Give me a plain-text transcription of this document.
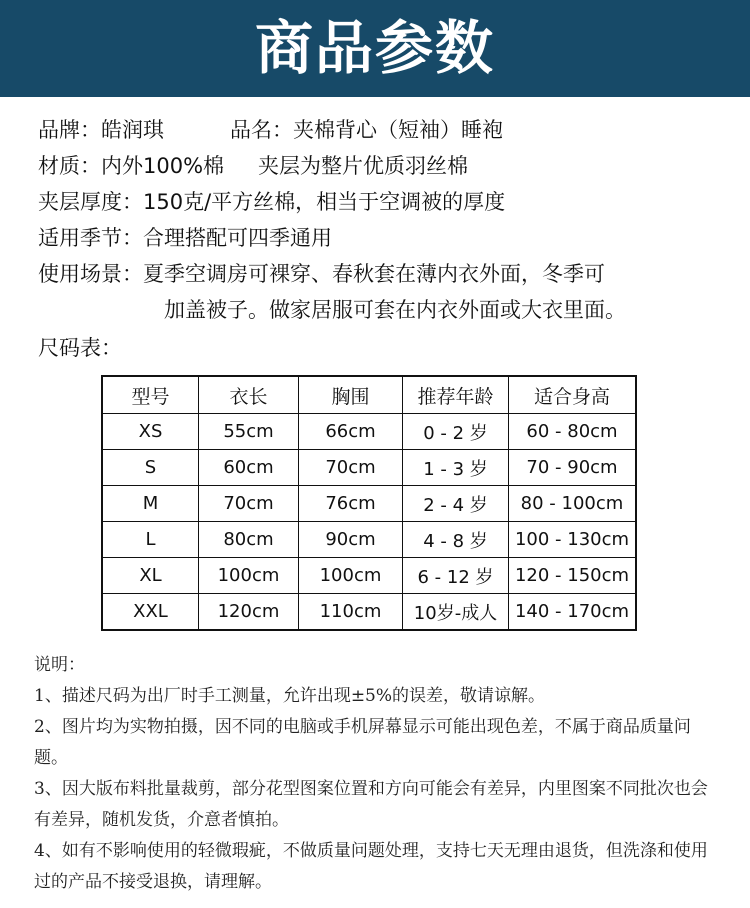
商品参数
品牌：皓润琪	品名：夹棉背心（短袖）睡袍
材质：内外100%棉 夹层为整片优质羽丝棉
夹层厚度：150克/平方丝棉，相当于空调被的厚度
适用季节：合理搭配可四季通用
使用场景：夏季空调房可裸穿、春秋套在薄内衣外面，冬季可
加盖被子。做家居服可套在内衣外面或大衣里面。
尺码表：
型号	衣长	胸围	推荐年龄	适合身高
XS	55cm	66cm	0 - 2 岁	60 - 80cm
S	60cm	70cm	1 - 3 岁	70 - 90cm
M	70cm	76cm	2 - 4 岁	80 - 100cm
L	80cm	90cm	4 - 8 岁	100 - 130cm
XL	100cm	100cm	6 - 12 岁	120 - 150cm
XXL	120cm	110cm	10岁-成人	140 - 170cm

说明：

1、描述尺码为出厂时手工测量，允许出现±5%的误差，敬请谅解。

2、图片均为实物拍摄，因不同的电脑或手机屏幕显示可能出现色差，不属于商品质量问题。

3、因大版布料批量裁剪，部分花型图案位置和方向可能会有差异，内里图案不同批次也会有差异，随机发货，介意者慎拍。

4、如有不影响使用的轻微瑕疵，不做质量问题处理，支持七天无理由退货，但洗涤和使用过的产品不接受退换，请理解。
